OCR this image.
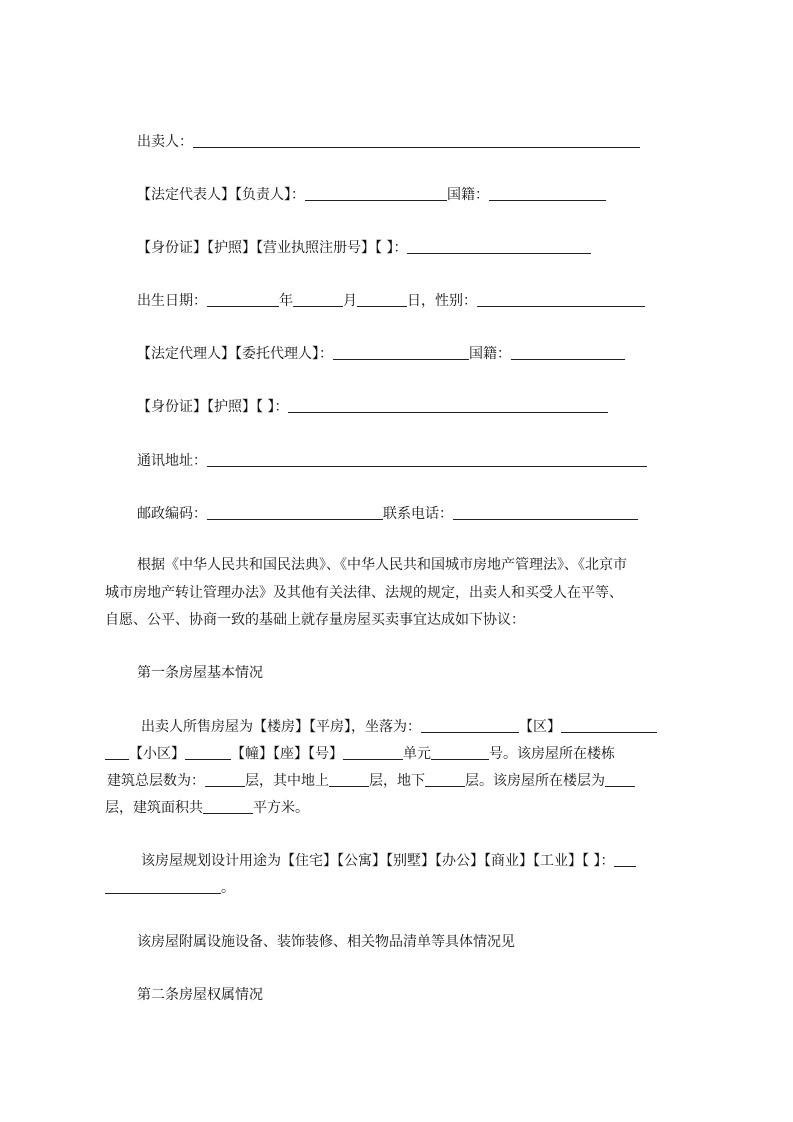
出卖人：
【法定代表人】【负责人】：	国籍：
【身份证】【护照】【营业执照注册号】【 】：
出生日期：	年	月	日，性别：
【法定代理人】【委托代理人】：	国籍：
【身份证】【护照】【 】：
通讯地址：
邮政编码：	联系电话：
根据《中华人民共和国民法典》、《中华人民共和国城市房地产管理法》、《北京市
城市房地产转让管理办法》及其他有关法律、法规的规定，出卖人和买受人在平等、
自愿、公平、协商一致的基础上就存量房屋买卖事宜达成如下协议：
第一条房屋基本情况
出卖人所售房屋为【楼房】【平房】，坐落为：	【区】
【小区】	【幢】【座】【号】	单元	号。该房屋所在楼栋
建筑总层数为：	层，其中地上	层，地下	层。该房屋所在楼层为
层，建筑面积共	平方米。
该房屋规划设计用途为【住宅】【公寓】【别墅】【办公】【商业】【工业】【 】：
。
该房屋附属设施设备、装饰装修、相关物品清单等具体情况见
第二条房屋权属情况
